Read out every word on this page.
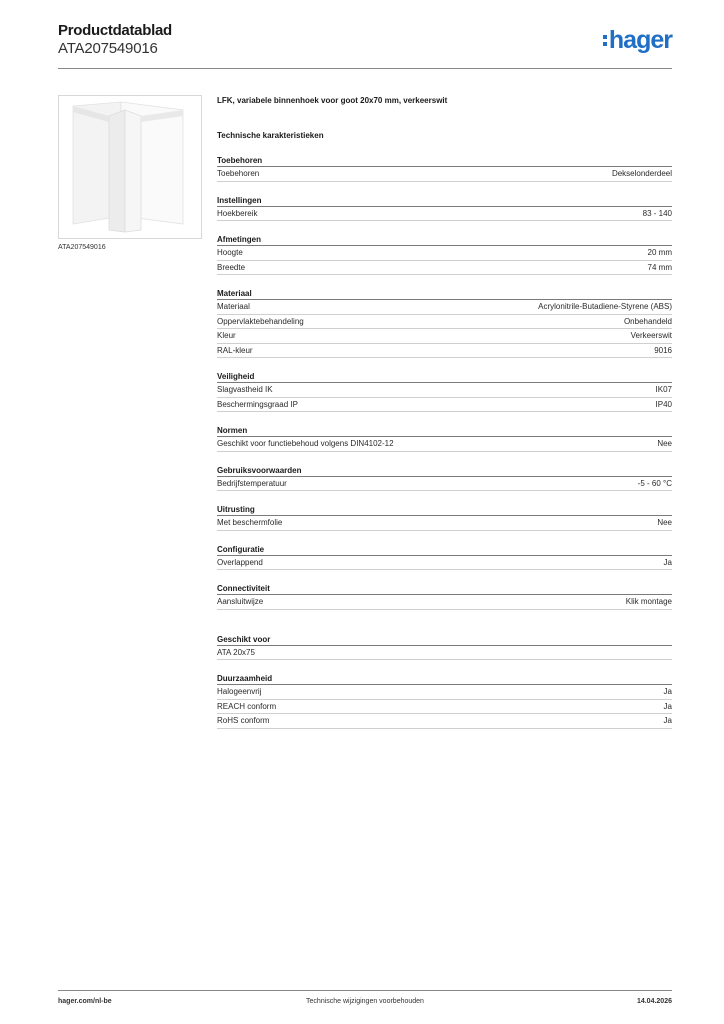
Productdatablad
ATA207549016	hager
ATA207549016
LFK, variabele binnenhoek voor goot 20x70 mm, verkeerswit
Technische karakteristieken
Toebehoren
Toebehoren	Dekselonderdeel
Instellingen
Hoekbereik	83 - 140
Afmetingen
Hoogte	20 mm
Breedte	74 mm
Materiaal
Materiaal	Acrylonitrile-Butadiene-Styrene (ABS)
Oppervlaktebehandeling	Onbehandeld
Kleur	Verkeerswit
RAL-kleur	9016
Veiligheid
Slagvastheid IK	IK07
Beschermingsgraad IP	IP40
Normen
Geschikt voor functiebehoud volgens DIN4102-12	Nee
Gebruiksvoorwaarden
Bedrijfstemperatuur	-5 - 60 °C
Uitrusting
Met beschermfolie	Nee
Configuratie
Overlappend	Ja
Connectiviteit
Aansluitwijze	Klik montage
Geschikt voor
ATA 20x75
Duurzaamheid
Halogeenvrij	Ja
REACH conform	Ja
RoHS conform	Ja
hager.com/nl-be	Technische wijzigingen voorbehouden	14.04.2026
